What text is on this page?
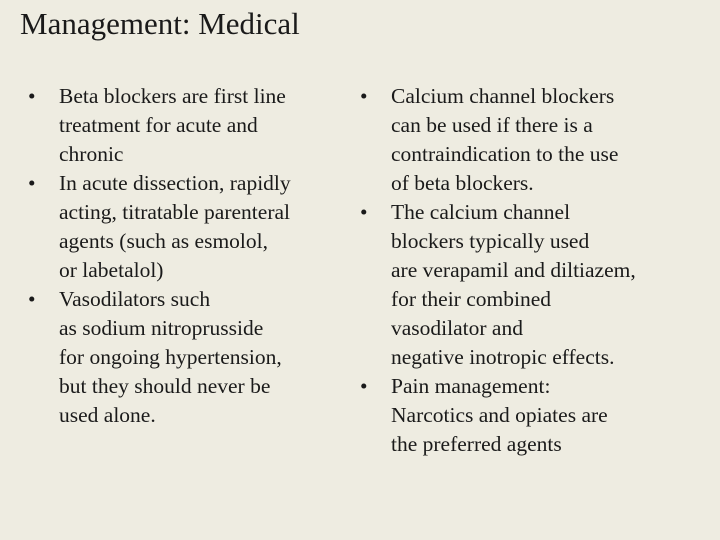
Management: Medical
• Beta blockers are first line
treatment for acute and
chronic
• In acute dissection, rapidly
acting, titratable parenteral
agents (such as esmolol,
or labetalol)
• Vasodilators such
as sodium nitroprusside
for ongoing hypertension,
but they should never be
used alone.
• Calcium channel blockers
can be used if there is a
contraindication to the use
of beta blockers.
• The calcium channel
blockers typically used
are verapamil and diltiazem,
for their combined
vasodilator and
negative inotropic effects.
• Pain management:
Narcotics and opiates are
the preferred agents
